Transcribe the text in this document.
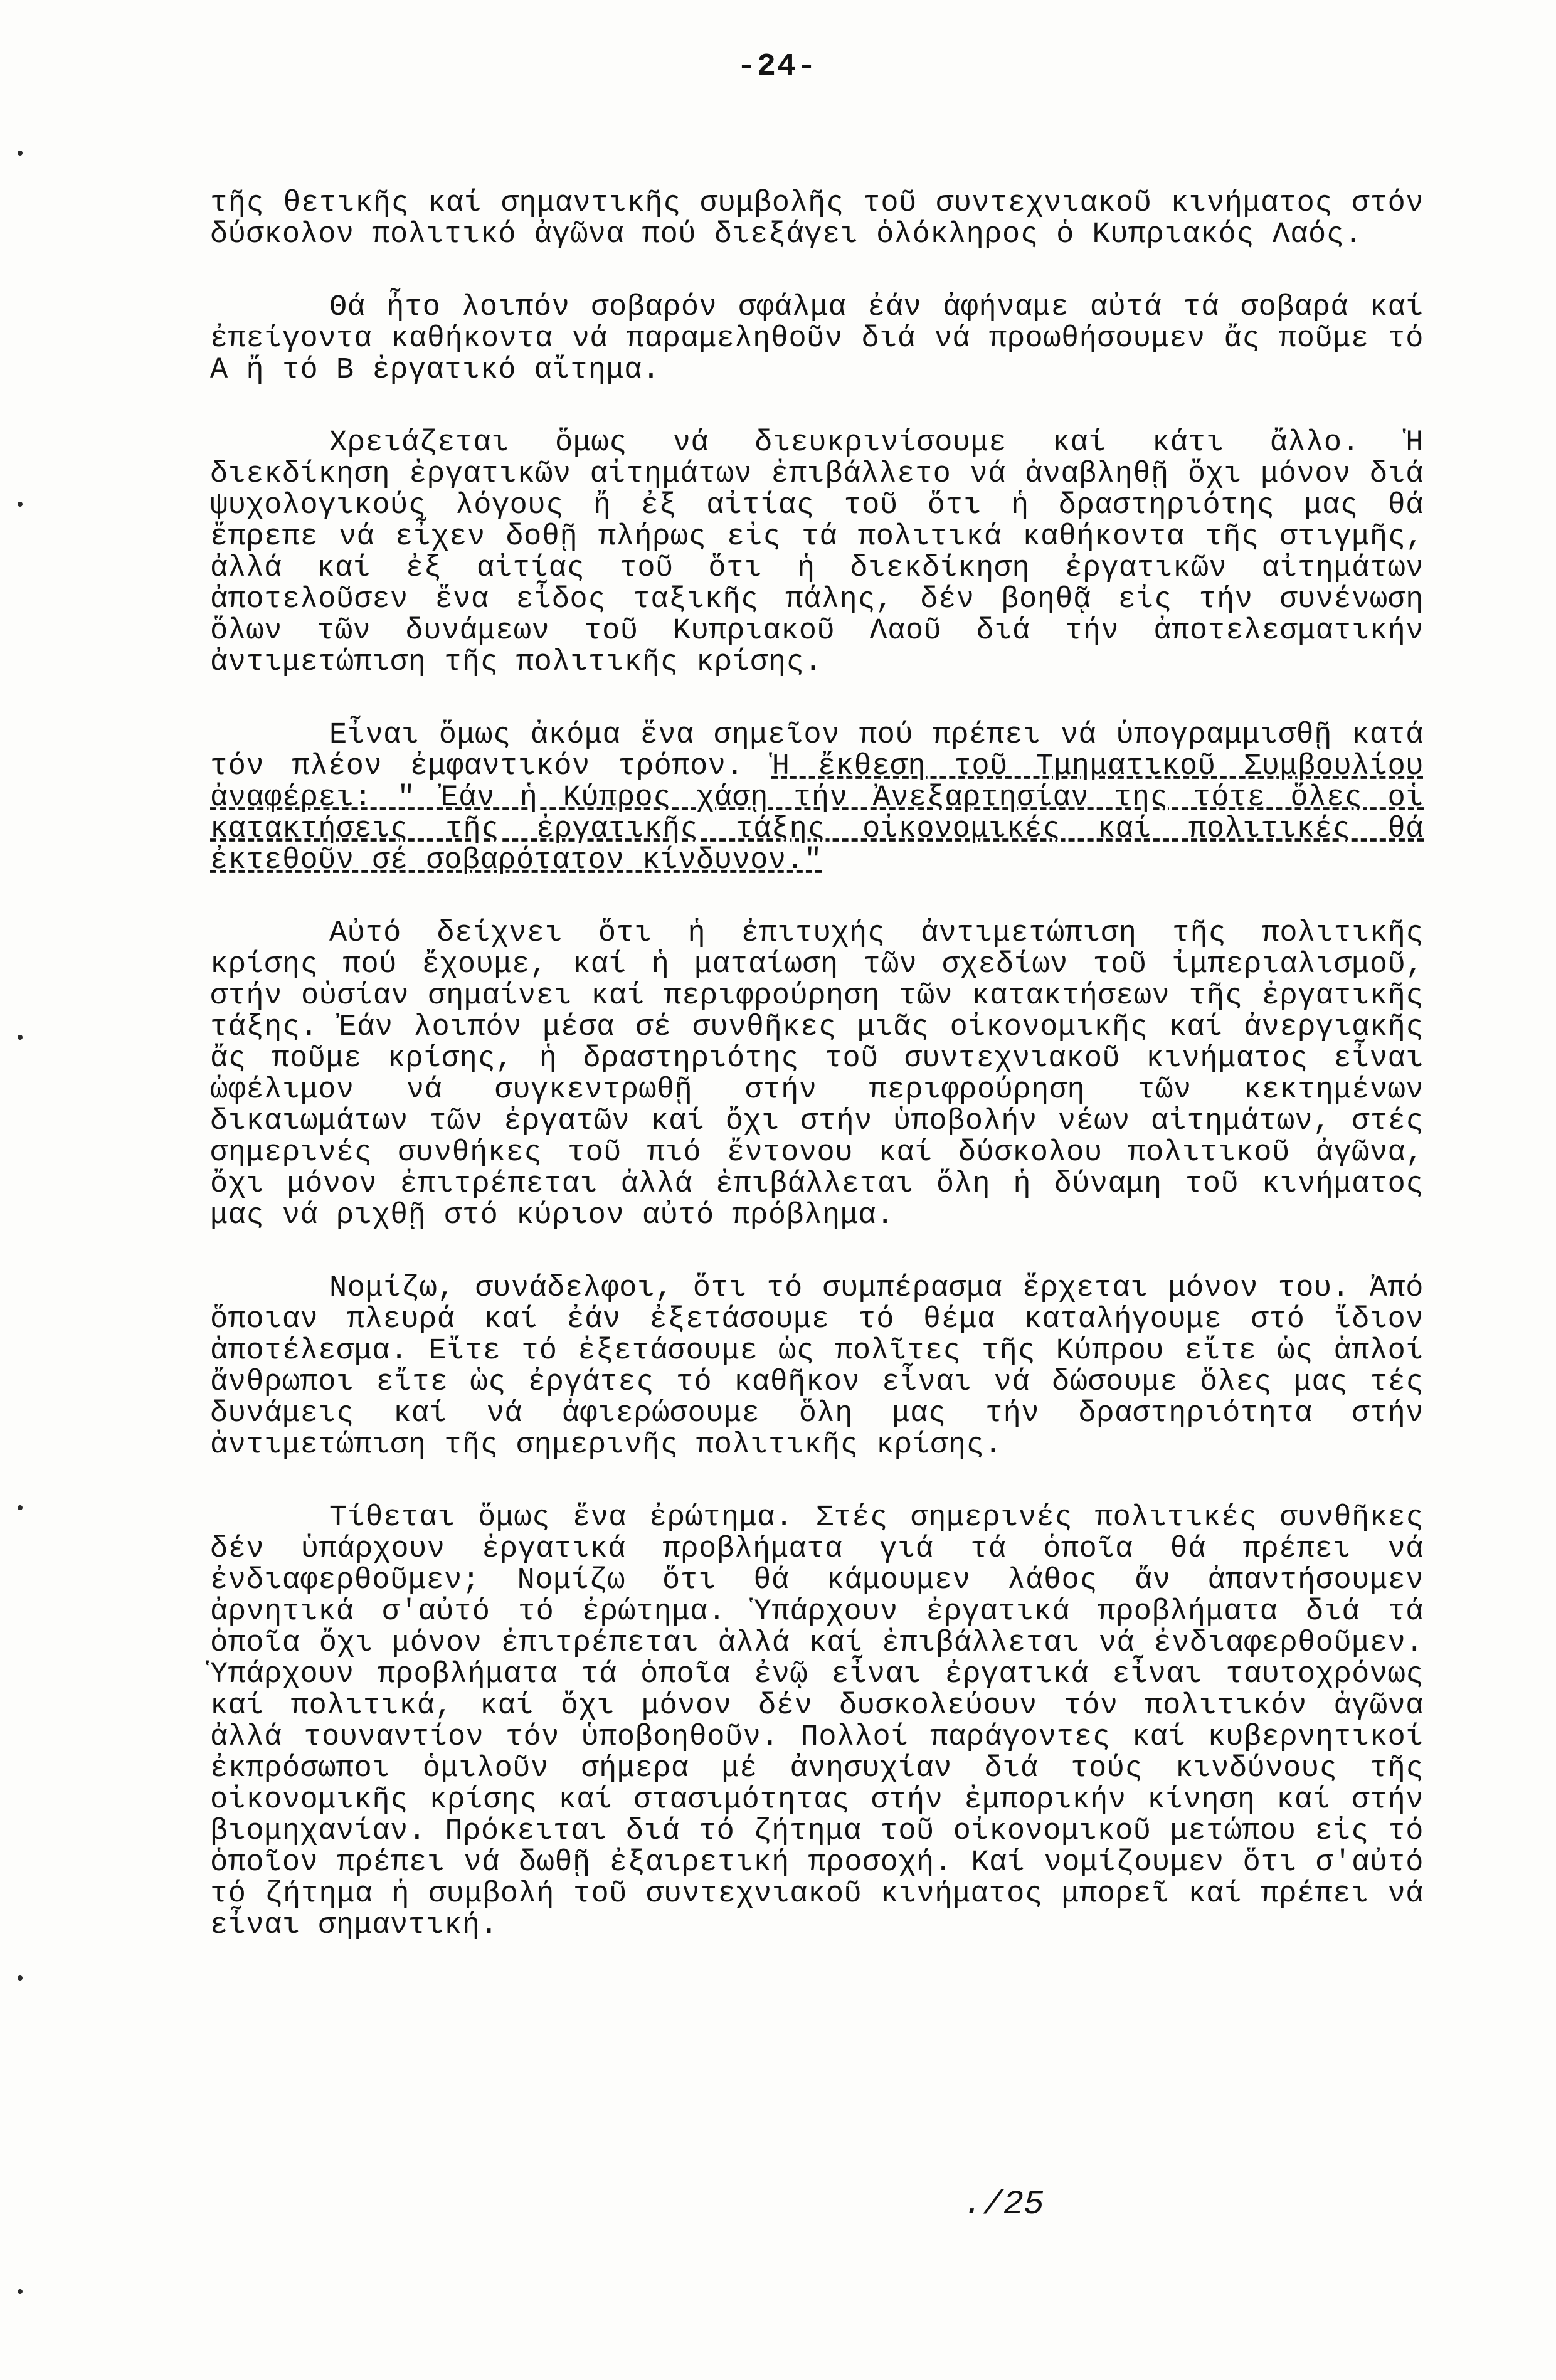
-24-

τῆς θετικῆς καί σημαντικῆς συμβολῆς τοῦ συντεχνιακοῦ κινήματος στόν δύσκολον πολιτικό ἀγῶνα πού διεξάγει ὁλόκληρος ὁ Κυπριακός Λαός.

Θά ἦτο λοιπόν σοβαρόν σφάλμα ἐάν ἀφήναμε αὐτά τά σοβαρά καί ἐπείγοντα καθήκοντα νά παραμεληθοῦν διά νά προωθήσουμεν ἄς ποῦμε τό Α ἤ τό Β ἐργατικό αἴτημα.

Χρειάζεται ὅμως νά διευκρινίσουμε καί κάτι ἄλλο. Ἡ διεκδίκηση ἐργατικῶν αἰτημάτων ἐπιβάλλετο νά ἀναβληθῇ ὄχι μόνον διά ψυχολογικούς λόγους ἤ ἐξ αἰτίας τοῦ ὅτι ἡ δραστηριότης μας θά ἔπρεπε νά εἶχεν δοθῇ πλήρως εἰς τά πολιτικά καθήκοντα τῆς στιγμῆς, ἀλλά καί ἐξ αἰτίας τοῦ ὅτι ἡ διεκδίκηση ἐργατικῶν αἰτημάτων ἀποτελοῦσεν ἕνα εἶδος ταξικῆς πάλης, δέν βοηθᾷ εἰς τήν συνένωση ὅλων τῶν δυνάμεων τοῦ Κυπριακοῦ Λαοῦ διά τήν ἀποτελεσματικήν ἀντιμετώπιση τῆς πολιτικῆς κρίσης.

Εἶναι ὅμως ἀκόμα ἕνα σημεῖον πού πρέπει νά ὑπογραμμισθῇ κατά τόν πλέον ἐμφαντικόν τρόπον. Ἡ ἔκθεση τοῦ Τμηματικοῦ Συμβουλίου ἀναφέρει: " Ἐάν ἡ Κύπρος χάσῃ τήν Ἀνεξαρτησίαν της τότε ὅλες οἱ κατακτήσεις τῆς ἐργατικῆς τάξης οἰκονομικές καί πολιτικές θά ἐκτεθοῦν σέ σοβαρότατον κίνδυνον."

Αὐτό δείχνει ὅτι ἡ ἐπιτυχής ἀντιμετώπιση τῆς πολιτικῆς κρίσης πού ἔχουμε, καί ἡ ματαίωση τῶν σχεδίων τοῦ ἰμπεριαλισμοῦ, στήν οὐσίαν σημαίνει καί περιφρούρηση τῶν κατακτήσεων τῆς ἐργατικῆς τάξης. Ἐάν λοιπόν μέσα σέ συνθῆκες μιᾶς οἰκονομικῆς καί ἀνεργιακῆς ἄς ποῦμε κρίσης, ἡ δραστηριότης τοῦ συντεχνιακοῦ κινήματος εἶναι ὠφέλιμον νά συγκεντρωθῇ στήν περιφρούρηση τῶν κεκτημένων δικαιωμάτων τῶν ἐργατῶν καί ὄχι στήν ὑποβολήν νέων αἰτημάτων, στές σημερινές συνθήκες τοῦ πιό ἔντονου καί δύσκολου πολιτικοῦ ἀγῶνα, ὄχι μόνον ἐπιτρέπεται ἀλλά ἐπιβάλλεται ὅλη ἡ δύναμη τοῦ κινήματος μας νά ριχθῇ στό κύριον αὐτό πρόβλημα.

Νομίζω, συνάδελφοι, ὅτι τό συμπέρασμα ἔρχεται μόνον του. Ἀπό ὅποιαν πλευρά καί ἐάν ἐξετάσουμε τό θέμα καταλήγουμε στό ἴδιον ἀποτέλεσμα. Εἴτε τό ἐξετάσουμε ὡς πολῖτες τῆς Κύπρου εἴτε ὡς ἁπλοί ἄνθρωποι εἴτε ὡς ἐργάτες τό καθῆκον εἶναι νά δώσουμε ὅλες μας τές δυνάμεις καί νά ἀφιερώσουμε ὅλη μας τήν δραστηριότητα στήν ἀντιμετώπιση τῆς σημερινῆς πολιτικῆς κρίσης.

Τίθεται ὅμως ἕνα ἐρώτημα. Στές σημερινές πολιτικές συνθῆκες δέν ὑπάρχουν ἐργατικά προβλήματα γιά τά ὁποῖα θά πρέπει νά ἐνδιαφερθοῦμεν; Νομίζω ὅτι θά κάμουμεν λάθος ἄν ἀπαντήσουμεν ἀρνητικά σ'αὐτό τό ἐρώτημα. Ὑπάρχουν ἐργατικά προβλήματα διά τά ὁποῖα ὄχι μόνον ἐπιτρέπεται ἀλλά καί ἐπιβάλλεται νά ἐνδιαφερθοῦμεν. Ὑπάρχουν προβλήματα τά ὁποῖα ἐνῷ εἶναι ἐργατικά εἶναι ταυτοχρόνως καί πολιτικά, καί ὄχι μόνον δέν δυσκολεύουν τόν πολιτικόν ἀγῶνα ἀλλά τουναντίον τόν ὑποβοηθοῦν. Πολλοί παράγοντες καί κυβερνητικοί ἐκπρόσωποι ὁμιλοῦν σήμερα μέ ἀνησυχίαν διά τούς κινδύνους τῆς οἰκονομικῆς κρίσης καί στασιμότητας στήν ἐμπορικήν κίνηση καί στήν βιομηχανίαν. Πρόκειται διά τό ζήτημα τοῦ οἰκονομικοῦ μετώπου εἰς τό ὁποῖον πρέπει νά δωθῇ ἐξαιρετική προσοχή. Καί νομίζουμεν ὅτι σ'αὐτό τό ζήτημα ἡ συμβολή τοῦ συντεχνιακοῦ κινήματος μπορεῖ καί πρέπει νά εἶναι σημαντική.

./25
